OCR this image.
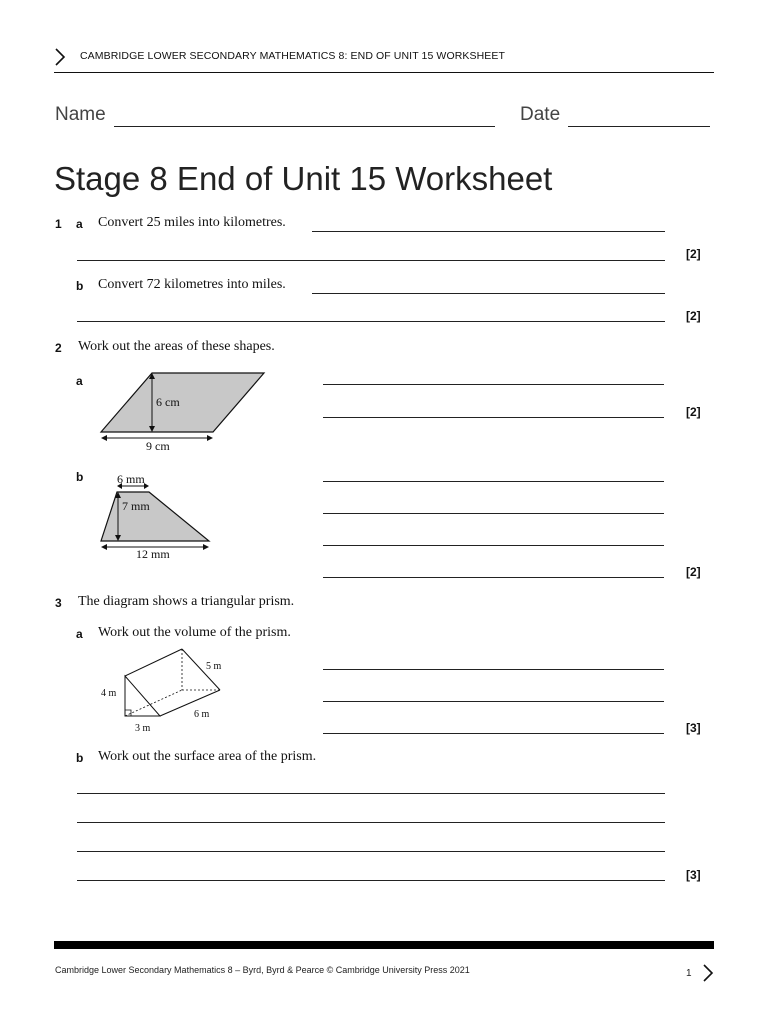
CAMBRIDGE LOWER SECONDARY MATHEMATICS 8: END OF UNIT 15 WORKSHEET
Name	Date
Stage 8 End of Unit 15 Worksheet
1 a Convert 25 miles into kilometres.
[2]
b Convert 72 kilometres into miles.
[2]
2 Work out the areas of these shapes.
a
6 cm
9 cm
[2]
b	6 mm
7 mm
12 mm
[2]
3 The diagram shows a triangular prism.
a Work out the volume of the prism.
5 m
4 m
6 m
3 m	[3]
b Work out the surface area of the prism.
[3]
Cambridge Lower Secondary Mathematics 8 – Byrd, Byrd & Pearce © Cambridge University Press 2021	1
